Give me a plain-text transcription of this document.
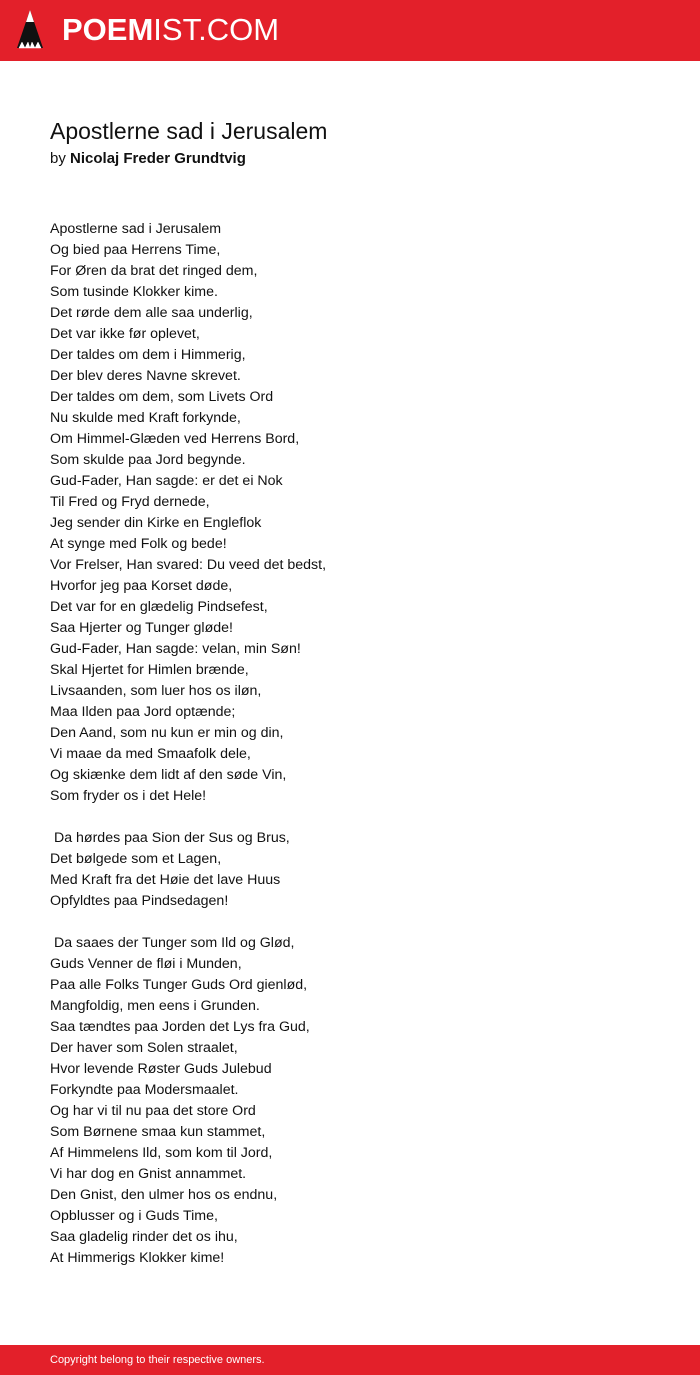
POEMIST.COM
Apostlerne sad i Jerusalem
by Nicolaj Freder Grundtvig
Apostlerne sad i Jerusalem
Og bied paa Herrens Time,
For Øren da brat det ringed dem,
Som tusinde Klokker kime.
Det rørde dem alle saa underlig,
Det var ikke før oplevet,
Der taldes om dem i Himmerig,
Der blev deres Navne skrevet.
Der taldes om dem, som Livets Ord
Nu skulde med Kraft forkynde,
Om Himmel-Glæden ved Herrens Bord,
Som skulde paa Jord begynde.
Gud-Fader, Han sagde: er det ei Nok
Til Fred og Fryd dernede,
Jeg sender din Kirke en Engleflok
At synge med Folk og bede!
Vor Frelser, Han svared: Du veed det bedst,
Hvorfor jeg paa Korset døde,
Det var for en glædelig Pindsefest,
Saa Hjerter og Tunger gløde!
Gud-Fader, Han sagde: velan, min Søn!
Skal Hjertet for Himlen brænde,
Livsaanden, som luer hos os iløn,
Maa Ilden paa Jord optænde;
Den Aand, som nu kun er min og din,
Vi maae da med Smaafolk dele,
Og skiænke dem lidt af den søde Vin,
Som fryder os i det Hele!
Da hørdes paa Sion der Sus og Brus,
Det bølgede som et Lagen,
Med Kraft fra det Høie det lave Huus
Opfyldtes paa Pindsedagen!
Da saaes der Tunger som Ild og Glød,
Guds Venner de fløi i Munden,
Paa alle Folks Tunger Guds Ord gienlød,
Mangfoldig, men eens i Grunden.
Saa tændtes paa Jorden det Lys fra Gud,
Der haver som Solen straalet,
Hvor levende Røster Guds Julebud
Forkyndte paa Modersmaalet.
Og har vi til nu paa det store Ord
Som Børnene smaa kun stammet,
Af Himmelens Ild, som kom til Jord,
Vi har dog en Gnist annammet.
Den Gnist, den ulmer hos os endnu,
Opblusser og i Guds Time,
Saa gladelig rinder det os ihu,
At Himmerigs Klokker kime!
Copyright belong to their respective owners.
